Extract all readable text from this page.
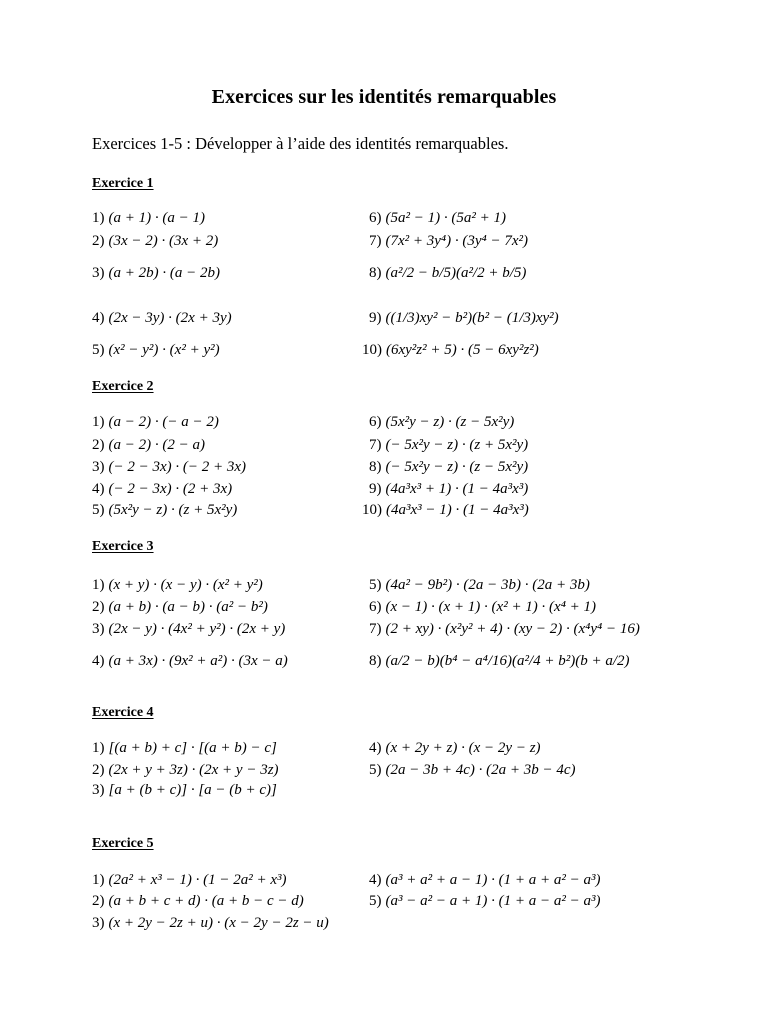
Exercices sur les identités remarquables
Exercices 1-5 : Développer à l’aide des identités remarquables.
Exercice 1
1) (a + 1) · (a − 1)
2) (3x − 2) · (3x + 2)
3) (a + 2b) · (a − 2b)
4) (2x − 3y) · (2x + 3y)
5) (x² − y²) · (x² + y²)
6) (5a² − 1) · (5a² + 1)
7) (7x² + 3y⁴) · (3y⁴ − 7x²)
8) (a²/2 − b/5)(a²/2 + b/5)
9) ((1/3)xy² − b²)(b² − (1/3)xy²)
10) (6xy²z² + 5) · (5 − 6xy²z²)
Exercice 2
1) (a − 2) · (− a − 2)
2) (a − 2) · (2 − a)
3) (− 2 − 3x) · (− 2 + 3x)
4) (− 2 − 3x) · (2 + 3x)
5) (5x²y − z) · (z + 5x²y)
6) (5x²y − z) · (z − 5x²y)
7) (− 5x²y − z) · (z + 5x²y)
8) (− 5x²y − z) · (z − 5x²y)
9) (4a³x³ + 1) · (1 − 4a³x³)
10) (4a³x³ − 1) · (1 − 4a³x³)
Exercice 3
1) (x + y) · (x − y) · (x² + y²)
2) (a + b) · (a − b) · (a² − b²)
3) (2x − y) · (4x² + y²) · (2x + y)
4) (a + 3x) · (9x² + a²) · (3x − a)
5) (4a² − 9b²) · (2a − 3b) · (2a + 3b)
6) (x − 1) · (x + 1) · (x² + 1) · (x⁴ + 1)
7) (2 + xy) · (x²y² + 4) · (xy − 2) · (x⁴y⁴ − 16)
8) (a/2 − b)(b⁴ − a⁴/16)(a²/4 + b²)(b + a/2)
Exercice 4
1) [(a + b) + c] · [(a + b) − c]
2) (2x + y + 3z) · (2x + y − 3z)
3) [a + (b + c)] · [a − (b + c)]
4) (x + 2y + z) · (x − 2y − z)
5) (2a − 3b + 4c) · (2a + 3b − 4c)
Exercice 5
1) (2a² + x³ − 1) · (1 − 2a² + x³)
2) (a + b + c + d) · (a + b − c − d)
3) (x + 2y − 2z + u) · (x − 2y − 2z − u)
4) (a³ + a² + a − 1) · (1 + a + a² − a³)
5) (a³ − a² − a + 1) · (1 + a − a² − a³)
